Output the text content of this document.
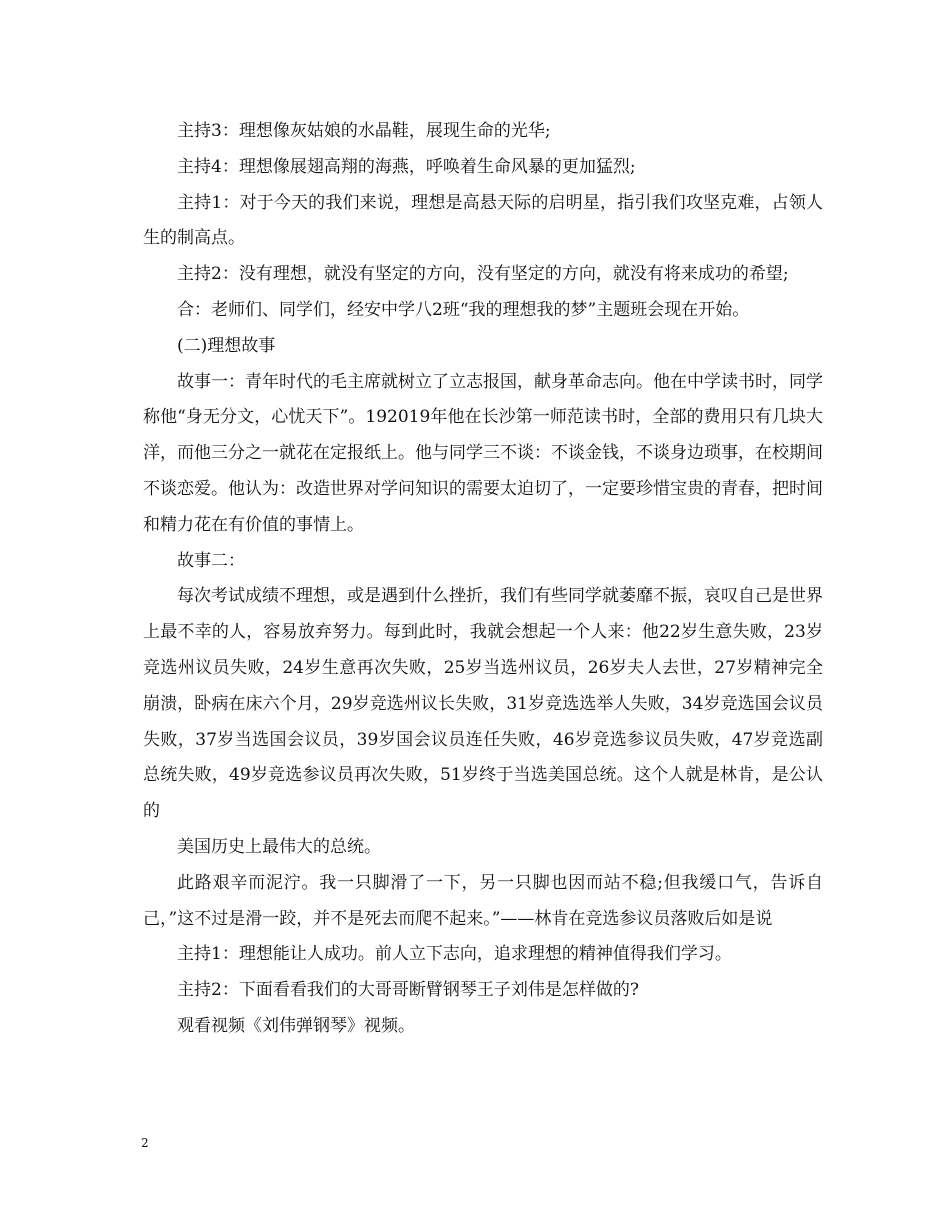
主持3：理想像灰姑娘的水晶鞋，展现生命的光华;

主持4：理想像展翅高翔的海燕，呼唤着生命风暴的更加猛烈;

主持1：对于今天的我们来说，理想是高悬天际的启明星，指引我们攻坚克难，占领人生的制高点。

主持2：没有理想，就没有坚定的方向，没有坚定的方向，就没有将来成功的希望;

合：老师们、同学们，经安中学八2班“我的理想我的梦”主题班会现在开始。

(二)理想故事

故事一：青年时代的毛主席就树立了立志报国，献身革命志向。他在中学读书时，同学称他“身无分文，心忧天下”。192019年他在长沙第一师范读书时，全部的费用只有几块大洋，而他三分之一就花在定报纸上。他与同学三不谈：不谈金钱，不谈身边琐事，在校期间不谈恋爱。他认为：改造世界对学问知识的需要太迫切了，一定要珍惜宝贵的青春，把时间和精力花在有价值的事情上。

故事二：

每次考试成绩不理想，或是遇到什么挫折，我们有些同学就萎靡不振，哀叹自己是世界上最不幸的人，容易放弃努力。每到此时，我就会想起一个人来：他22岁生意失败，23岁竞选州议员失败，24岁生意再次失败，25岁当选州议员，26岁夫人去世，27岁精神完全崩溃，卧病在床六个月，29岁竞选州议长失败，31岁竞选选举人失败，34岁竞选国会议员失败，37岁当选国会议员，39岁国会议员连任失败，46岁竞选参议员失败，47岁竞选副总统失败，49岁竞选参议员再次失败，51岁终于当选美国总统。这个人就是林肯，是公认的

美国历史上最伟大的总统。

此路艰辛而泥泞。我一只脚滑了一下，另一只脚也因而站不稳;但我缓口气，告诉自己，”这不过是滑一跤，并不是死去而爬不起来。”——林肯在竞选参议员落败后如是说

主持1：理想能让人成功。前人立下志向，追求理想的精神值得我们学习。

主持2：下面看看我们的大哥哥断臂钢琴王子刘伟是怎样做的?

观看视频《刘伟弹钢琴》视频。

2
